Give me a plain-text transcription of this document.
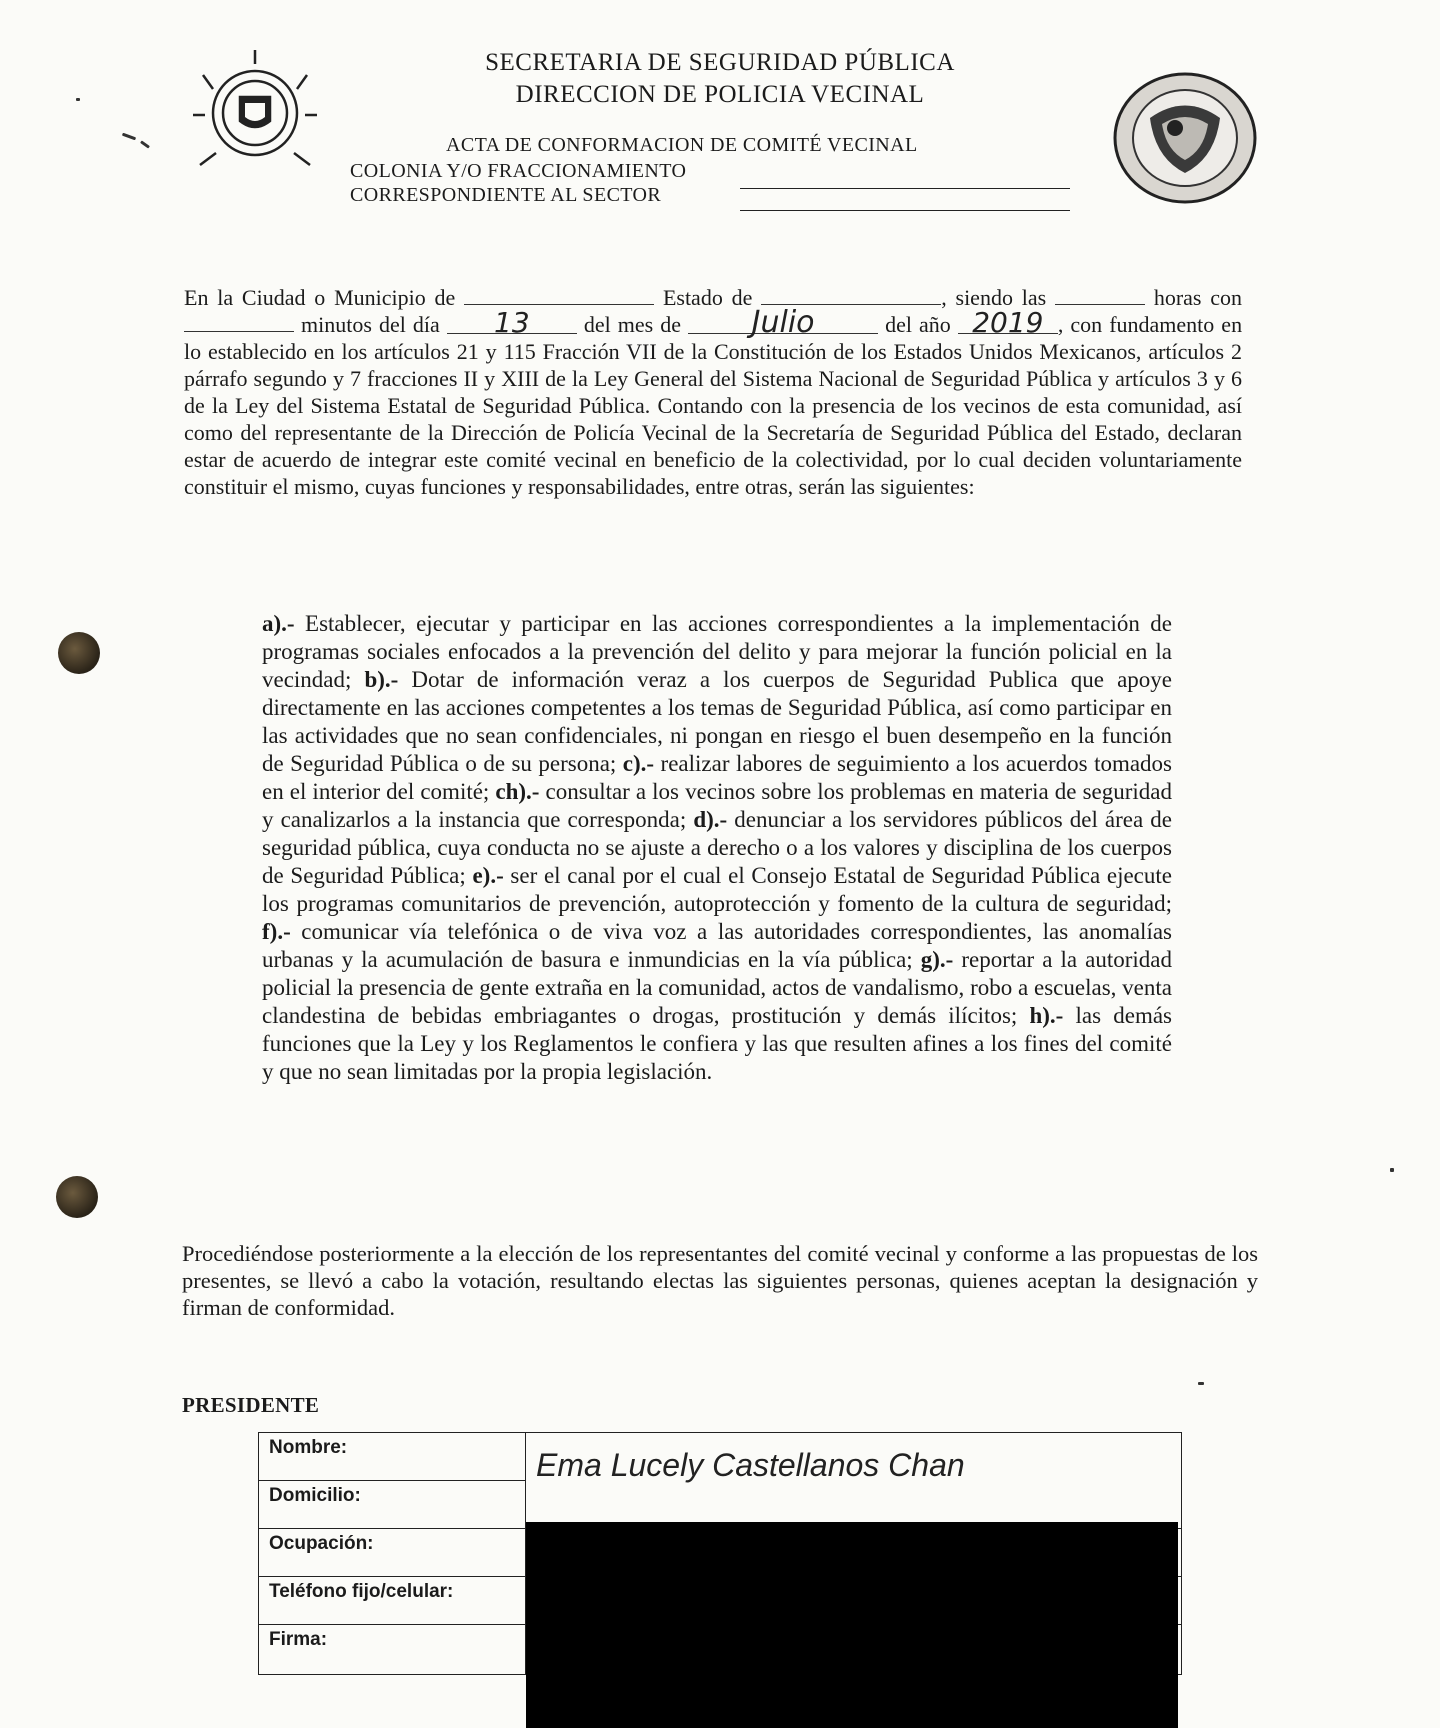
SECRETARIA DE SEGURIDAD PÚBLICA
DIRECCION DE POLICIA VECINAL
ACTA DE CONFORMACION DE COMITÉ VECINAL
COLONIA Y/O FRACCIONAMIENTO
CORRESPONDIENTE AL SECTOR
En la Ciudad o Municipio de	Estado de	, siendo las	horas con  minutos del día 13 del mes de Julio	del año 2019 , con fundamento en lo establecido en los artículos 21 y 115 Fracción VII de la Constitución de los Estados Unidos Mexicanos, artículos 2 párrafo segundo y 7 fracciones II y XIII de la Ley General del Sistema Nacional de Seguridad Pública y artículos 3 y 6 de la Ley del Sistema Estatal de Seguridad Pública. Contando con la presencia de los vecinos de esta comunidad, así como del representante de la Dirección de Policía Vecinal de la Secretaría de Seguridad Pública del Estado, declaran estar de acuerdo de integrar este comité vecinal en beneficio de la colectividad, por lo cual deciden voluntariamente constituir el mismo, cuyas funciones y responsabilidades, entre otras, serán las siguientes:
a).- Establecer, ejecutar y participar en las acciones correspondientes a la implementación de programas sociales enfocados a la prevención del delito y para mejorar la función policial en la vecindad; b).- Dotar de información veraz a los cuerpos de Seguridad Publica que apoye directamente en las acciones competentes a los temas de Seguridad Pública, así como participar en las actividades que no sean confidenciales, ni pongan en riesgo el buen desempeño en la función de Seguridad Pública o de su persona; c).- realizar labores de seguimiento a los acuerdos tomados en el interior del comité; ch).- consultar a los vecinos sobre los problemas en materia de seguridad y canalizarlos a la instancia que corresponda; d).- denunciar a los servidores públicos del área de seguridad pública, cuya conducta no se ajuste a derecho o a los valores y disciplina de los cuerpos de Seguridad Pública; e).- ser el canal por el cual el Consejo Estatal de Seguridad Pública ejecute los programas comunitarios de prevención, autoprotección y fomento de la cultura de seguridad; f).- comunicar vía telefónica o de viva voz a las autoridades correspondientes, las anomalías urbanas y la acumulación de basura e inmundicias en la vía pública; g).- reportar a la autoridad policial la presencia de gente extraña en la comunidad, actos de vandalismo, robo a escuelas, venta clandestina de bebidas embriagantes o drogas, prostitución y demás ilícitos; h).- las demás funciones que la Ley y los Reglamentos le confiera y las que resulten afines a los fines del comité y que no sean limitadas por la propia legislación.
Procediéndose posteriormente a la elección de los representantes del comité vecinal y conforme a las propuestas de los presentes, se llevó a cabo la votación, resultando electas las siguientes personas, quienes aceptan la designación y firman de conformidad.
PRESIDENTE
Nombre:	Ema Lucely Castellanos Chan
Domicilio:	
Ocupación:	
Teléfono fijo/celular:	
Firma:	
